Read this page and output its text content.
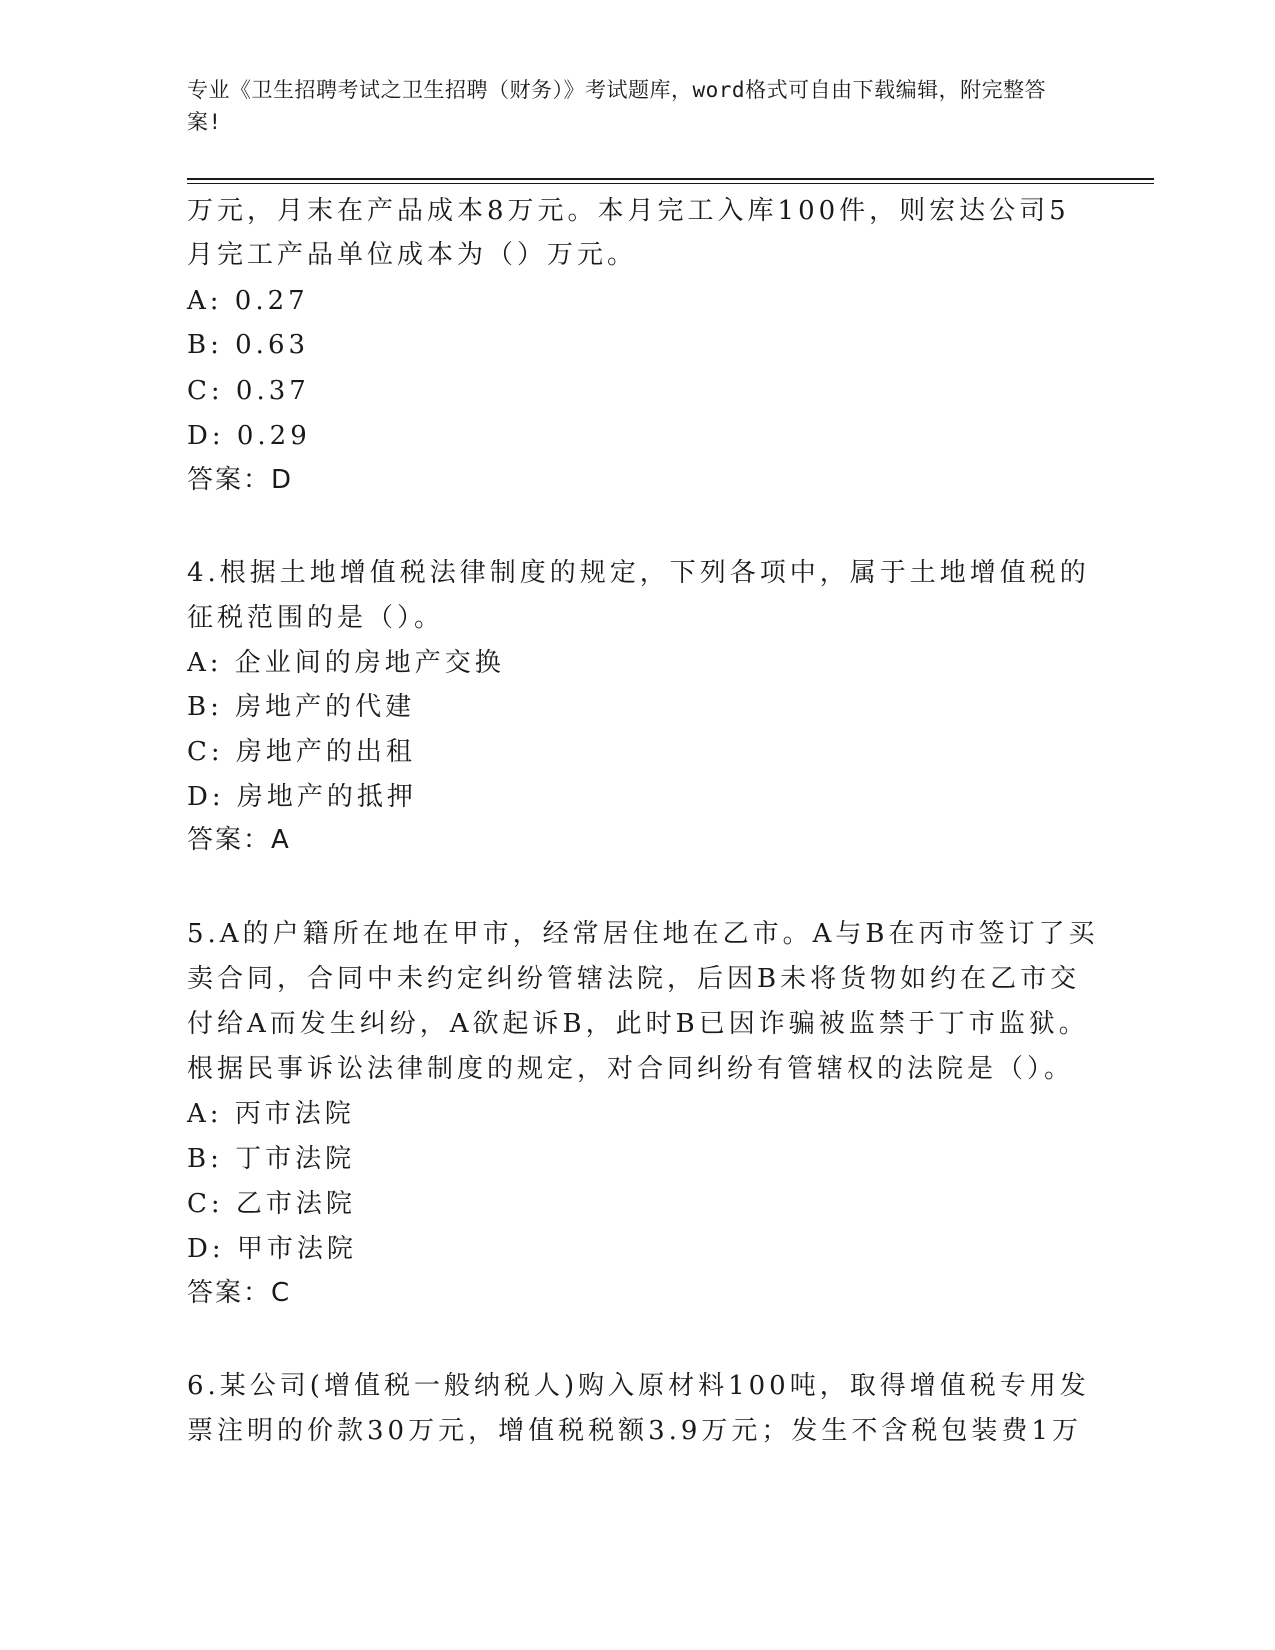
专业《卫生招聘考试之卫生招聘（财务）》考试题库，word格式可自由下载编辑，附完整答案!
万元，月末在产品成本8万元。本月完工入库100件，则宏达公司5
月完工产品单位成本为（）万元。
A: 0.27
B: 0.63
C: 0.37
D: 0.29
答案：D
4.根据土地增值税法律制度的规定，下列各项中，属于土地增值税的
征税范围的是（）。
A: 企业间的房地产交换
B: 房地产的代建
C: 房地产的出租
D: 房地产的抵押
答案：A
5.A的户籍所在地在甲市，经常居住地在乙市。A与B在丙市签订了买
卖合同，合同中未约定纠纷管辖法院，后因B未将货物如约在乙市交
付给A而发生纠纷，A欲起诉B，此时B已因诈骗被监禁于丁市监狱。
根据民事诉讼法律制度的规定，对合同纠纷有管辖权的法院是（）。
A: 丙市法院
B: 丁市法院
C: 乙市法院
D: 甲市法院
答案：C
6.某公司(增值税一般纳税人)购入原材料100吨，取得增值税专用发
票注明的价款30万元，增值税税额3.9万元；发生不含税包装费1万
